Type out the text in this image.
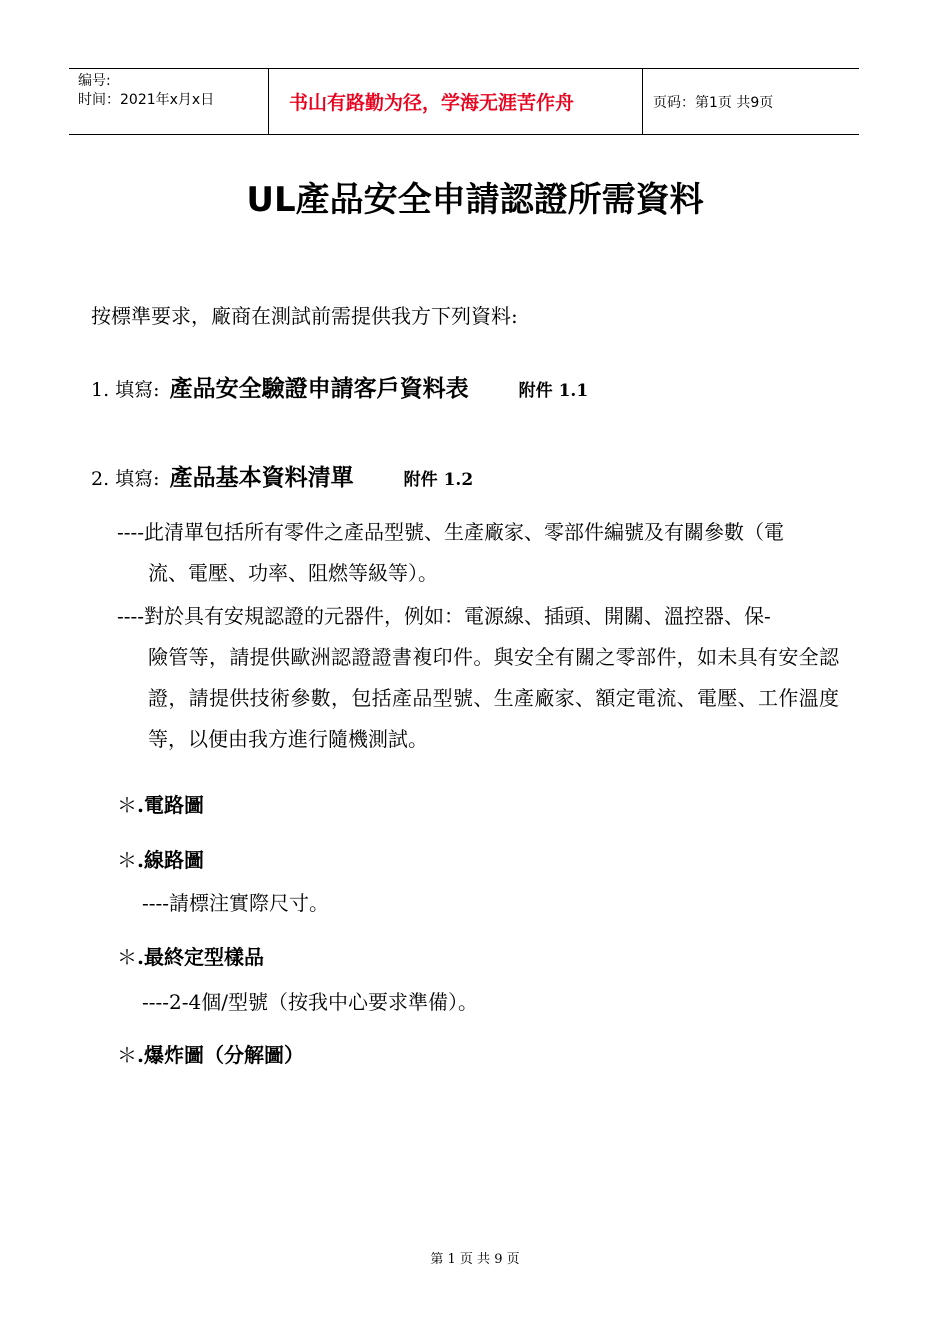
编号:
时间：2021年x月x日	书山有路勤为径，学海无涯苦作舟	页码：第1页 共9页
UL產品安全申請認證所需資料
按標準要求，廠商在測試前需提供我方下列資料:
1. 填寫: 產品安全驗證申請客戶資料表	附件 1.1
2. 填寫: 產品基本資料清單	附件 1.2
----此清單包括所有零件之產品型號、生產廠家、零部件編號及有關參數（電
流、電壓、功率、阻燃等級等）。
----對於具有安規認證的元器件，例如：電源線、插頭、開關、溫控器、保-
險管等，請提供歐洲認證證書複印件。與安全有關之零部件，如未具有安全認證，請提供技術參數，包括產品型號、生產廠家、額定電流、電壓、工作溫度等，以便由我方進行隨機測試。
＊.電路圖
＊.線路圖
----請標注實際尺寸。
＊.最終定型樣品
----2-4個/型號（按我中心要求準備）。
＊.爆炸圖（分解圖）
第 1 页 共 9 页
